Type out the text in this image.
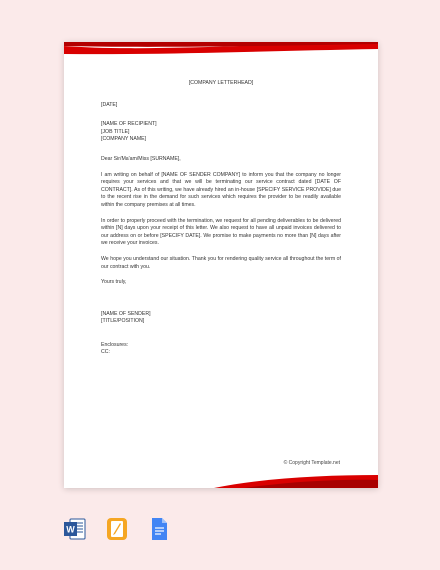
[COMPANY LETTERHEAD]
[DATE]
[NAME OF RECIPIENT]
[JOB TITLE]
[COMPANY NAME]
Dear Sir/Ma'am/Miss [SURNAME],
I am writing on behalf of [NAME OF SENDER COMPANY] to inform you that the company no longer requires your services and that we will be terminating our service contract dated [DATE OF CONTRACT]. As of this writing, we have already hired an in-house [SPECIFY SERVICE PROVIDE] due to the recent rise in the demand for such services which requires the provider to be readily available within the company premises at all times.
In order to properly proceed with the termination, we request for all pending deliverables to be delivered within [N] days upon your receipt of this letter. We also request to have all unpaid invoices delivered to our address on or before [SPECIFY DATE]. We promise to make payments no more than [N] days after we receive your invoices.
We hope you understand our situation. Thank you for rendering quality service all throughout the term of our contract with you.
Yours truly,
[NAME OF SENDER]
[TITLE/POSITION]
Enclosures:
CC:
© Copyright Template.net
W
